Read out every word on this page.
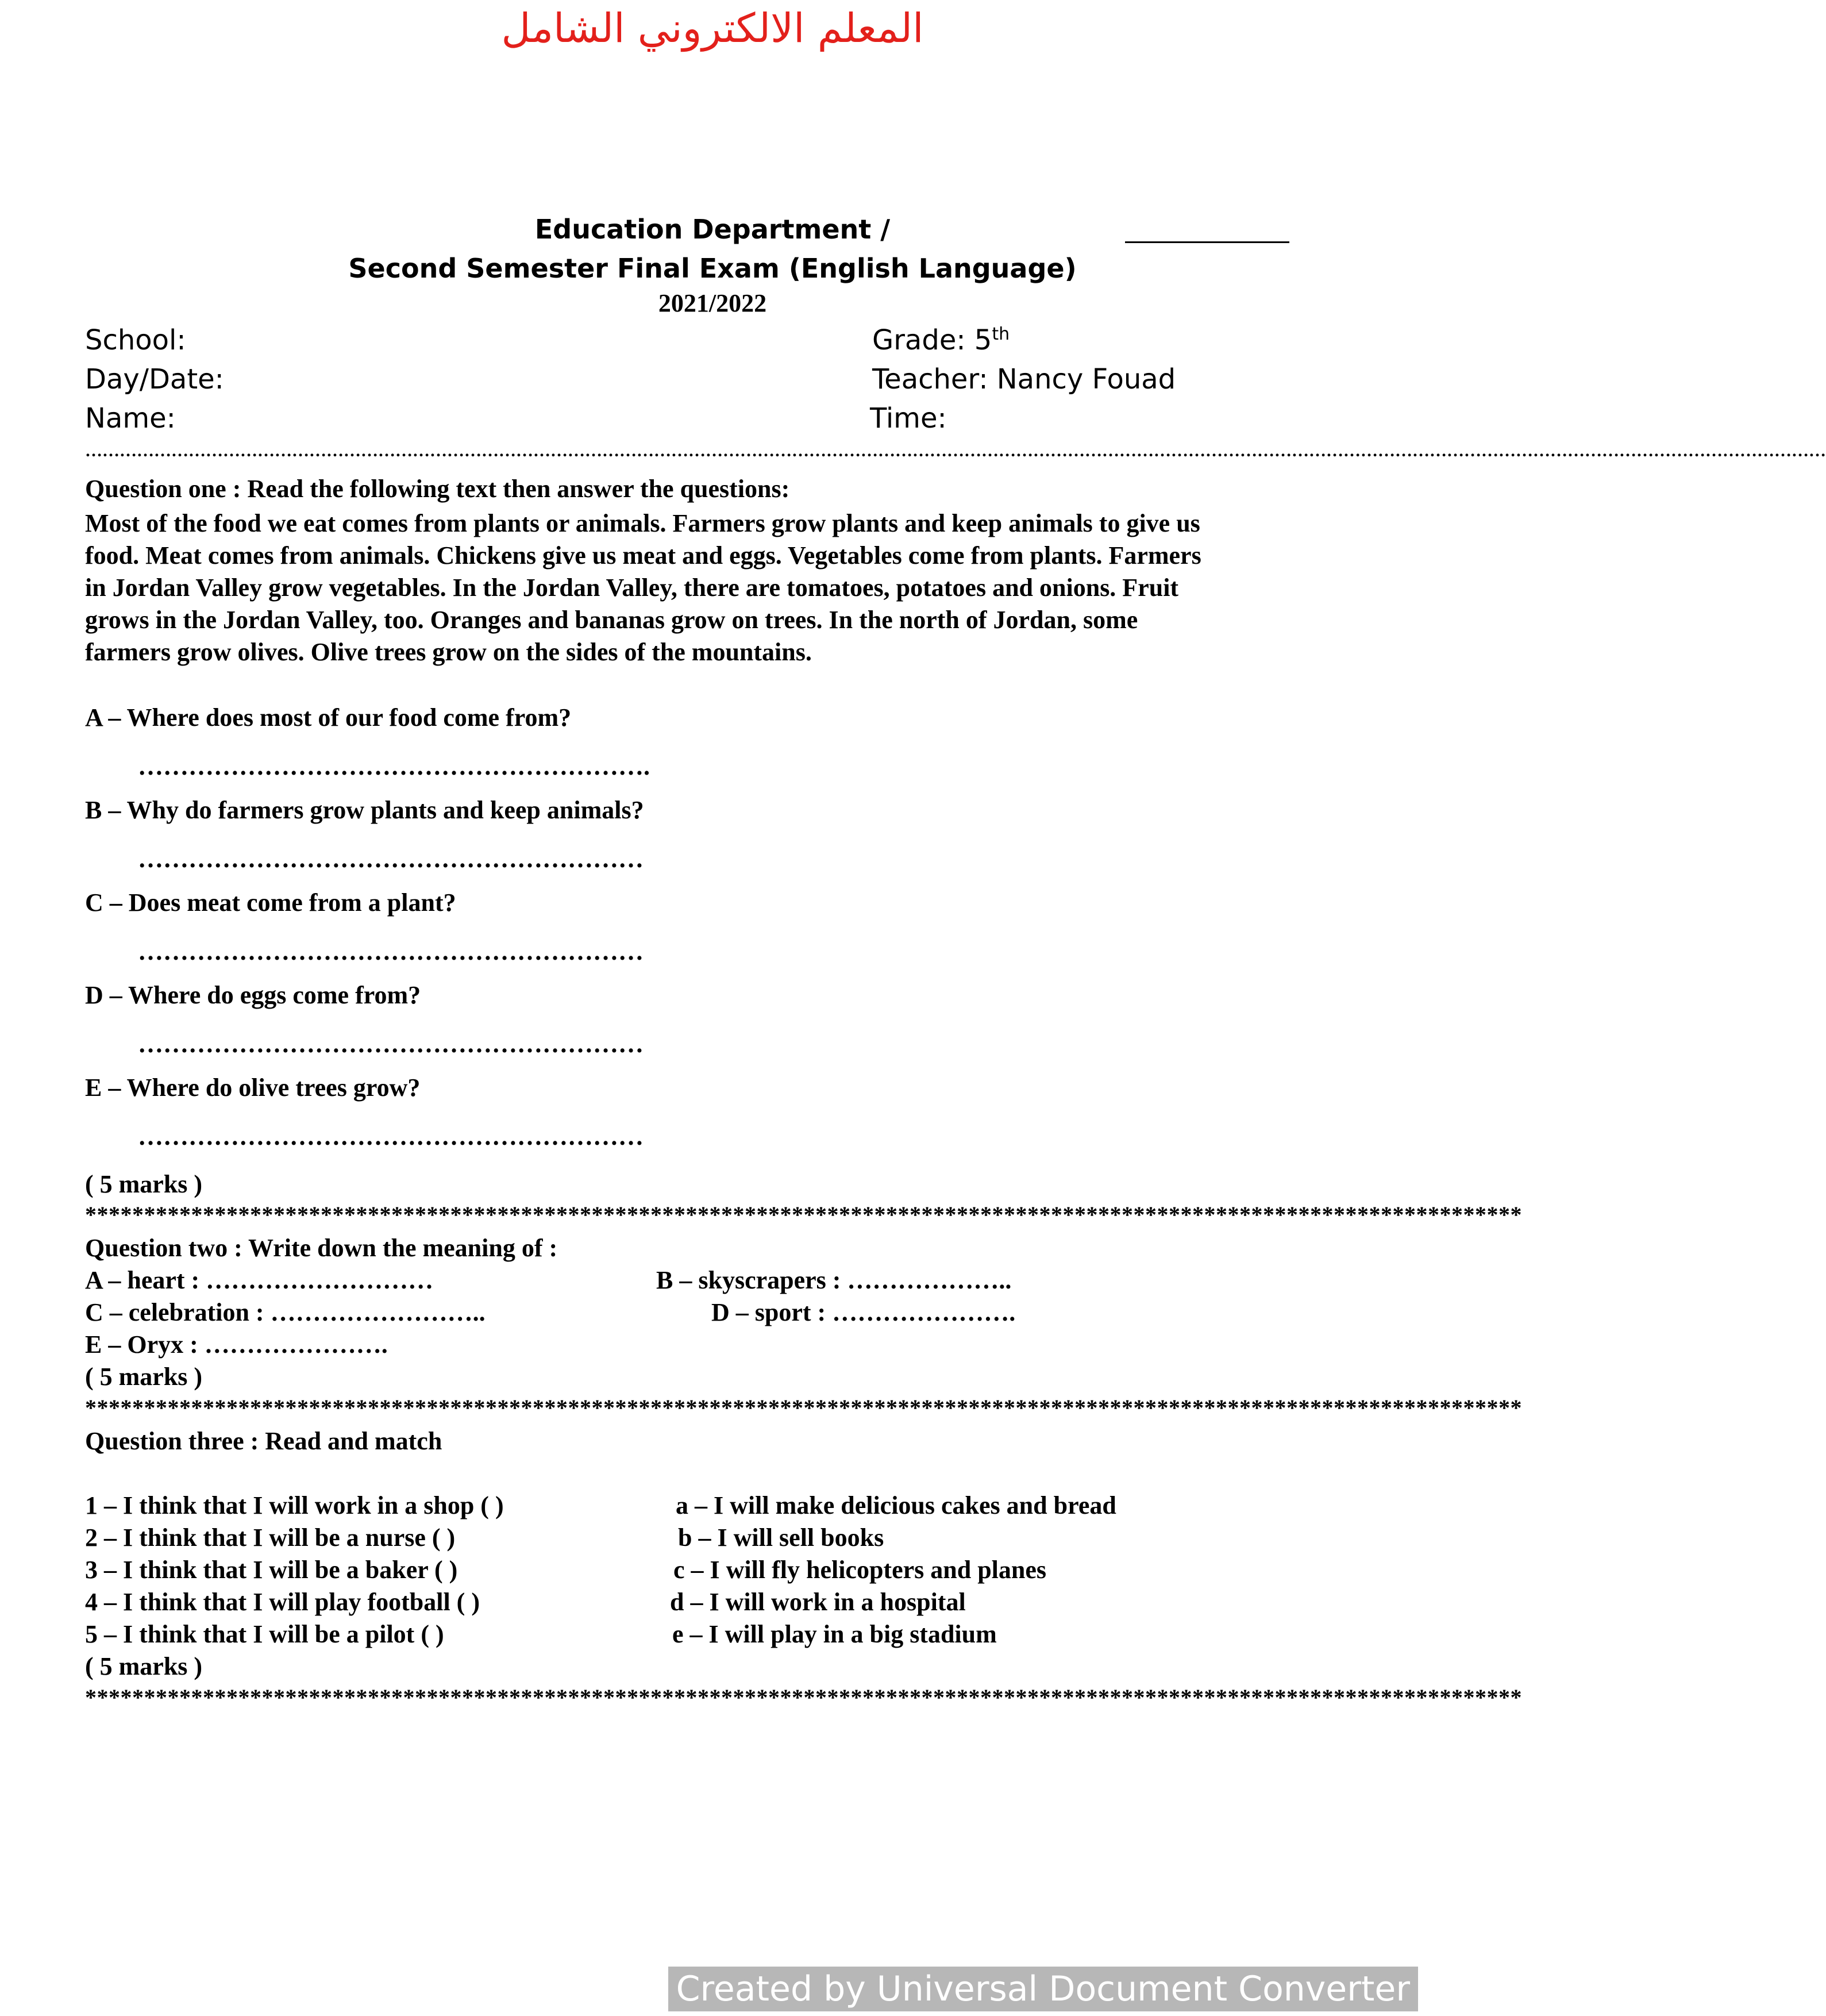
المعلم الالكتروني الشامل
Education Department /
Second Semester Final Exam (English Language)
2021/2022
School:	Grade: 5th
Day/Date:	Teacher: Nancy Fouad
Name:	Time:
……………………………………………………………………………………………………………………………………………………………………………………………………………………………………………………………………………
Question one : Read the following text then answer the questions:
Most of the food we eat comes from plants or animals. Farmers grow plants and keep animals to give us
food. Meat comes from animals. Chickens give us meat and eggs. Vegetables come from plants. Farmers
in Jordan Valley grow vegetables. In the Jordan Valley, there are tomatoes, potatoes and onions. Fruit
grows in the Jordan Valley, too. Oranges and bananas grow on trees. In the north of Jordan, some
farmers grow olives. Olive trees grow on the sides of the mountains.
A – Where does most of our food come from?
…………………………………………………….
B – Why do farmers grow plants and keep animals?
……………………………………………………
C – Does meat come from a plant?
……………………………………………………
D – Where do eggs come from?
……………………………………………………
E – Where do olive trees grow?
……………………………………………………
( 5 marks )
**************************************************************************************************************************
Question two : Write down the meaning of :
A – heart : ………………………	B – skyscrapers : ………………..
C – celebration : ……………………..	D – sport : ………………….
E – Oryx : ………………….
( 5 marks )
**************************************************************************************************************************
Question three : Read and match
1 – I think that I will work in a shop ( )	a – I will make delicious cakes and bread
2 – I think that I will be a nurse ( )	b – I will sell books
3 – I think that I will be a baker ( )	c – I will fly helicopters and planes
4 – I think that I will play football ( )	d – I will work in a hospital
5 – I think that I will be a pilot ( )	e – I will play in a big stadium
( 5 marks )
**************************************************************************************************************************
Created by Universal Document Converter
